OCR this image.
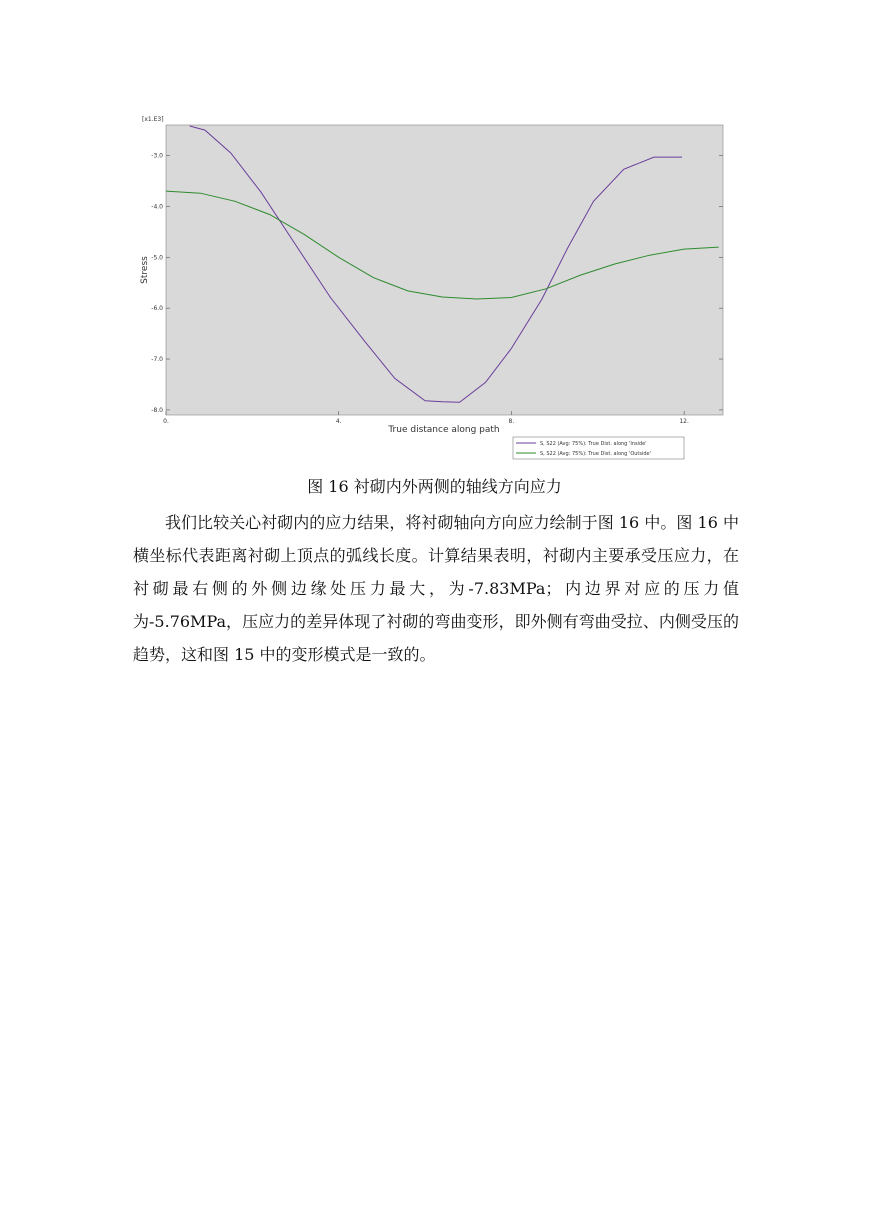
-3.0
-4.0
-5.0
-6.0
-7.0
-8.0
0.	4.	8.	12.
[x1.E3]
Stress
True distance along path
S, S22 (Avg: 75%): True Dist. along 'Inside'
S, S22 (Avg: 75%): True Dist. along 'Outside'
图 16 衬砌内外两侧的轴线方向应力

我们比较关心衬砌内的应力结果，将衬砌轴向方向应力绘制于图 16 中。图 16 中横坐标代表距离衬砌上顶点的弧线长度。计算结果表明，衬砌内主要承受压应力，在衬砌最右侧的外侧边缘处压力最大，为-7.83MPa；内边界对应的压力值为-5.76MPa，压应力的差异体现了衬砌的弯曲变形，即外侧有弯曲受拉、内侧受压的趋势，这和图 15 中的变形模式是一致的。
